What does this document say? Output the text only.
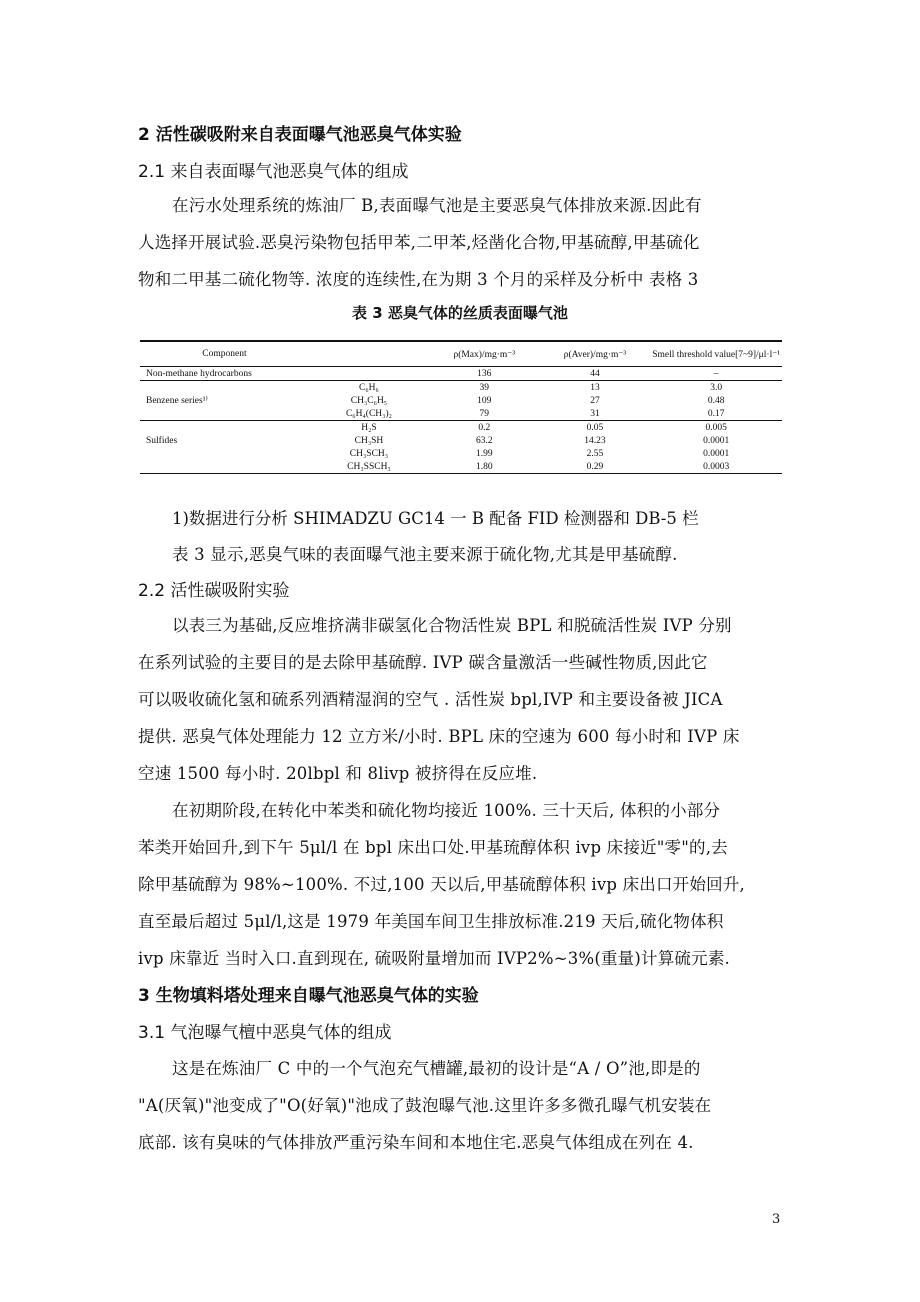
2 活性碳吸附来自表面曝气池恶臭气体实验
2.1 来自表面曝气池恶臭气体的组成
在污水处理系统的炼油厂 B,表面曝气池是主要恶臭气体排放来源.因此有
人选择开展试验.恶臭污染物包括甲苯,二甲苯,烃凿化合物,甲基硫醇,甲基硫化
物和二甲基二硫化物等. 浓度的连续性,在为期 3 个月的采样及分析中 表格 3
表 3 恶臭气体的丝质表面曝气池
Component		ρ(Max)/mg·m⁻³	ρ(Aver)/mg·m⁻³	Smell threshold value[7~9]/μl·l⁻¹
Non-methane hydrocarbons		136	44	–
	C₆H₆	39	13	3.0
Benzene series¹⁾	CH₃C₆H₅	109	27	0.48
	C₆H₄(CH₃)₂	79	31	0.17
	H₂S	0.2	0.05	0.005
Sulfides	CH₃SH	63.2	14.23	0.0001
	CH₃SCH₃	1.99	2.55	0.0001
	CH₃SSCH₃	1.80	0.29	0.0003
1)数据进行分析 SHIMADZU GC14 一 B 配备 FID 检测器和 DB-5 栏
表 3 显示,恶臭气味的表面曝气池主要来源于硫化物,尤其是甲基硫醇.
2.2 活性碳吸附实验
以表三为基础,反应堆挤满非碳氢化合物活性炭 BPL 和脱硫活性炭 IVP 分别
在系列试验的主要目的是去除甲基硫醇. IVP 碳含量激活一些碱性物质,因此它
可以吸收硫化氢和硫系列酒精湿润的空气 . 活性炭 bpl,IVP 和主要设备被 JICA
提供. 恶臭气体处理能力 12 立方米/小时. BPL 床的空速为 600 每小时和 IVP 床
空速 1500 每小时. 20lbpl 和 8livp 被挤得在反应堆.
在初期阶段,在转化中苯类和硫化物均接近 100%. 三十天后, 体积的小部分
苯类开始回升,到下午 5μl/l 在 bpl 床出口处.甲基琉醇体积 ivp 床接近"零"的,去
除甲基硫醇为 98%~100%. 不过,100 天以后,甲基硫醇体积 ivp 床出口开始回升,
直至最后超过 5μl/l,这是 1979 年美国车间卫生排放标准.219 天后,硫化物体积
ivp 床靠近 当时入口.直到现在, 硫吸附量增加而 IVP2%~3%(重量)计算硫元素.
3 生物填料塔处理来自曝气池恶臭气体的实验
3.1 气泡曝气檀中恶臭气体的组成
这是在炼油厂 C 中的一个气泡充气槽罐,最初的设计是“A / O”池,即是的
"A(厌氧)"池变成了"O(好氧)"池成了鼓泡曝气池.这里许多多微孔曝气机安装在
底部. 该有臭味的气体排放严重污染车间和本地住宅.恶臭气体组成在列在 4.
3
